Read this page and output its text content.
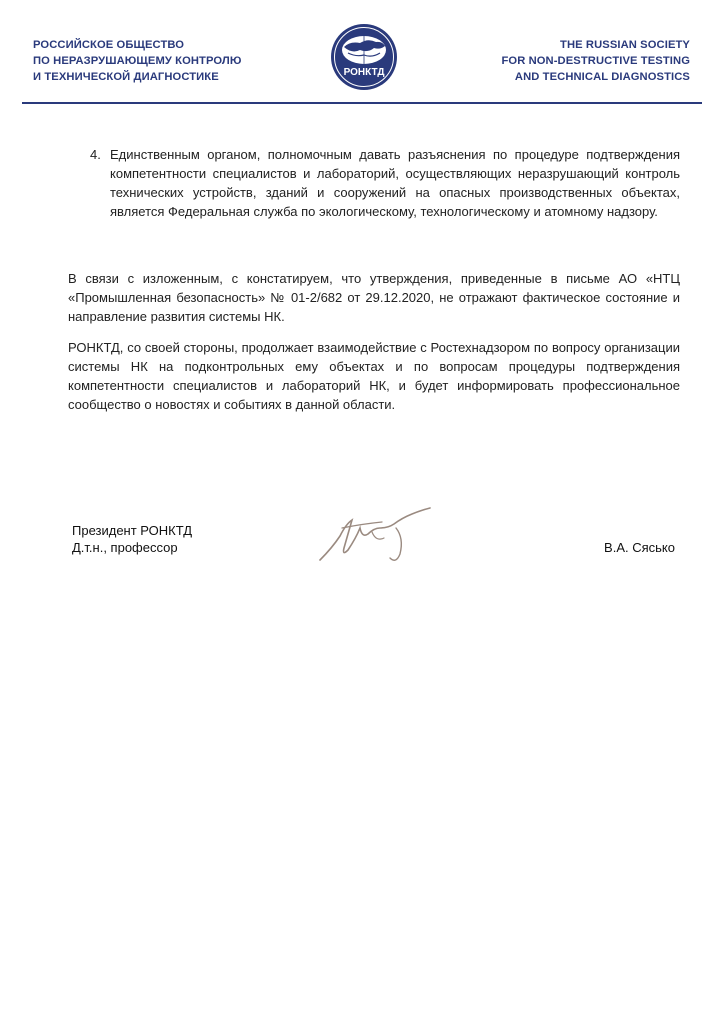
РОССИЙСКОЕ ОБЩЕСТВО
ПО НЕРАЗРУШАЮЩЕМУ КОНТРОЛЮ
И ТЕХНИЧЕСКОЙ ДИАГНОСТИКЕ	РОНКТД
THE RUSSIAN SOCIETY
FOR NON-DESTRUCTIVE TESTING
AND TECHNICAL DIAGNOSTICS
4. Единственным органом, полномочным давать разъяснения по процедуре подтверждения компетентности специалистов и лабораторий, осуществляющих неразрушающий контроль технических устройств, зданий и сооружений на опасных производственных объектах, является Федеральная служба по экологическому, технологическому и атомному надзору.
В связи с изложенным, с констатируем, что утверждения, приведенные в письме АО «НТЦ «Промышленная безопасность» № 01-2/682 от 29.12.2020, не отражают фактическое состояние и направление развития системы НК.
РОНКТД, со своей стороны, продолжает взаимодействие с Ростехнадзором по вопросу организации системы НК на подконтрольных ему объектах и по вопросам процедуры подтверждения компетентности специалистов и лабораторий НК, и будет информировать профессиональное сообщество о новостях и событиях в данной области.
Президент РОНКТД
Д.т.н., профессор	В.А. Сясько
